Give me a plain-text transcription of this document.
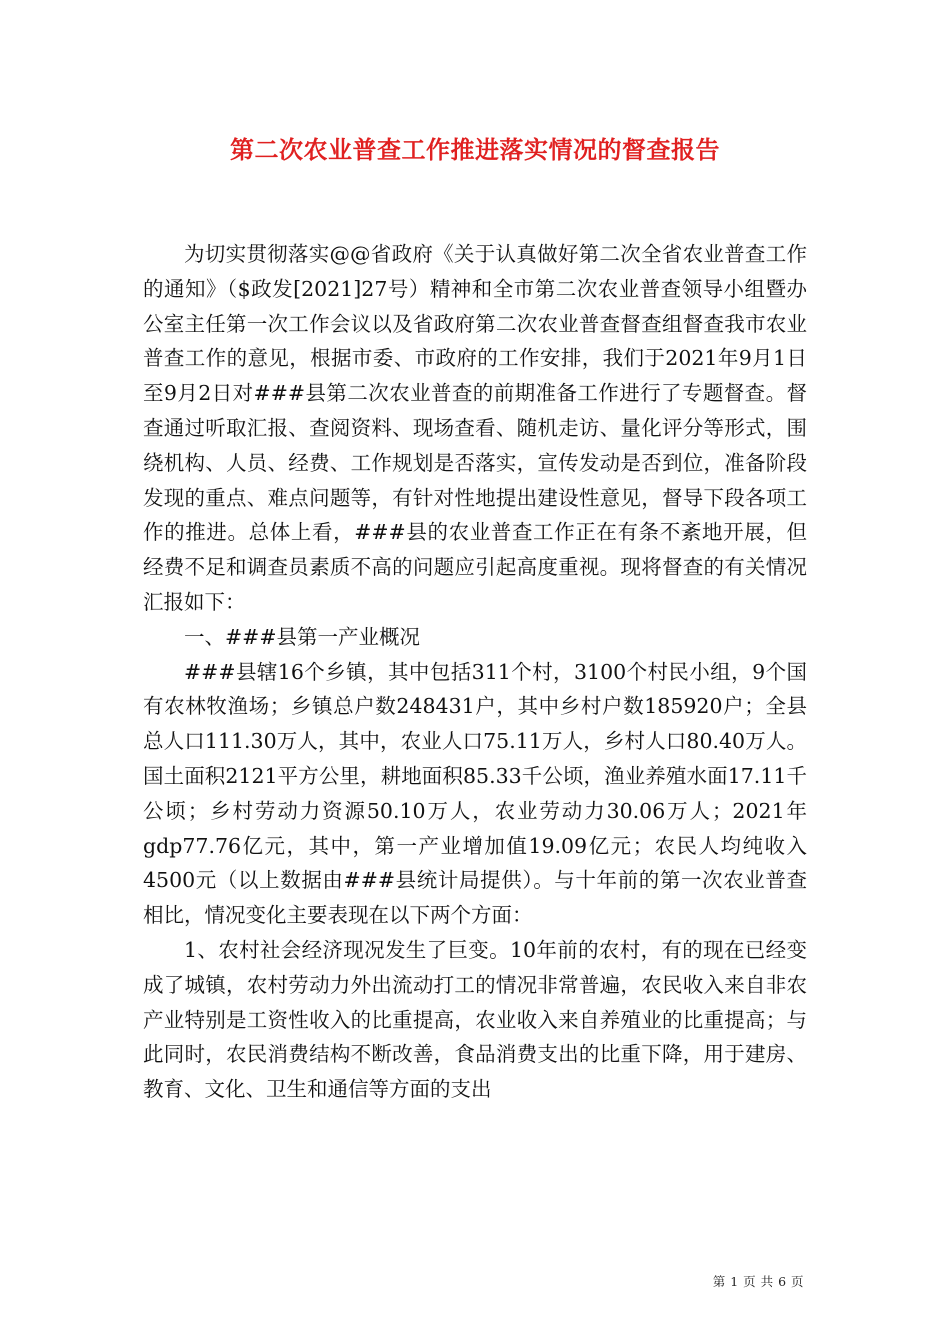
第二次农业普查工作推进落实情况的督查报告

为切实贯彻落实@@省政府《关于认真做好第二次全省农业普查工作的通知》（$政发[2021]27号）精神和全市第二次农业普查领导小组暨办公室主任第一次工作会议以及省政府第二次农业普查督查组督查我市农业普查工作的意见，根据市委、市政府的工作安排，我们于2021年9月1日至9月2日对###县第二次农业普查的前期准备工作进行了专题督查。督查通过听取汇报、查阅资料、现场查看、随机走访、量化评分等形式，围绕机构、人员、经费、工作规划是否落实，宣传发动是否到位，准备阶段发现的重点、难点问题等，有针对性地提出建设性意见，督导下段各项工作的推进。总体上看，###县的农业普查工作正在有条不紊地开展，但经费不足和调查员素质不高的问题应引起高度重视。现将督查的有关情况汇报如下：

一、###县第一产业概况

###县辖16个乡镇，其中包括311个村，3100个村民小组，9个国有农林牧渔场；乡镇总户数248431户，其中乡村户数185920户；全县总人口111.30万人，其中，农业人口75.11万人，乡村人口80.40万人。国土面积2121平方公里，耕地面积85.33千公顷，渔业养殖水面17.11千公顷；乡村劳动力资源50.10万人，农业劳动力30.06万人；2021年gdp77.76亿元，其中，第一产业增加值19.09亿元；农民人均纯收入4500元（以上数据由###县统计局提供）。与十年前的第一次农业普查相比，情况变化主要表现在以下两个方面：

1、农村社会经济现况发生了巨变。10年前的农村，有的现在已经变成了城镇，农村劳动力外出流动打工的情况非常普遍，农民收入来自非农产业特别是工资性收入的比重提高，农业收入来自养殖业的比重提高；与此同时，农民消费结构不断改善，食品消费支出的比重下降，用于建房、教育、文化、卫生和通信等方面的支出

第 1 页 共 6 页
